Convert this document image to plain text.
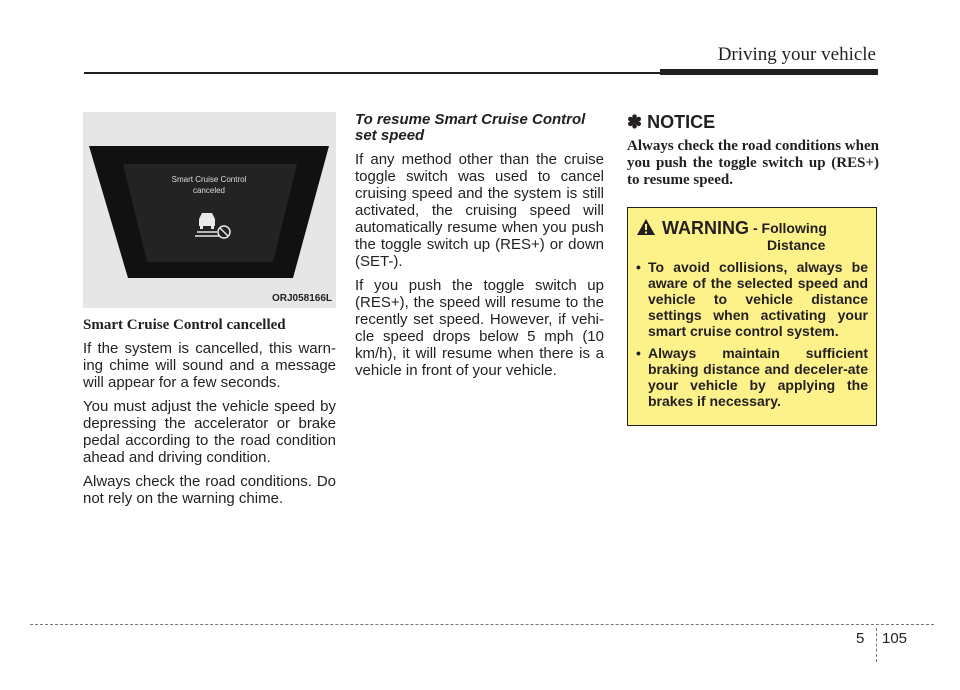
Driving your vehicle
Smart Cruise Control
canceled
ORJ058166L
Smart Cruise Control cancelled

If the system is cancelled, this warn-ing chime will sound and a message will appear for a few seconds.

You must adjust the vehicle speed by depressing the accelerator or brake pedal according to the road condition ahead and driving condition.

Always check the road conditions. Do not rely on the warning chime.

To resume Smart Cruise Control set speed

If any method other than the cruise toggle switch was used to cancel cruising speed and the system is still activated, the cruising speed will automatically resume when you push the toggle switch up (RES+) or down (SET-).

If you push the toggle switch up (RES+), the speed will resume to the recently set speed. However, if vehi-cle speed drops below 5 mph (10 km/h), it will resume when there is a vehicle in front of your vehicle.

✽ NOTICE
Always check the road conditions when you push the toggle switch up (RES+) to resume speed.
WARNING - Following
Distance
• To avoid collisions, always be aware of the selected speed and vehicle to vehicle distance settings when activating your smart cruise control system.
• Always maintain sufficient braking distance and deceler-ate your vehicle by applying the brakes if necessary.
5 105
